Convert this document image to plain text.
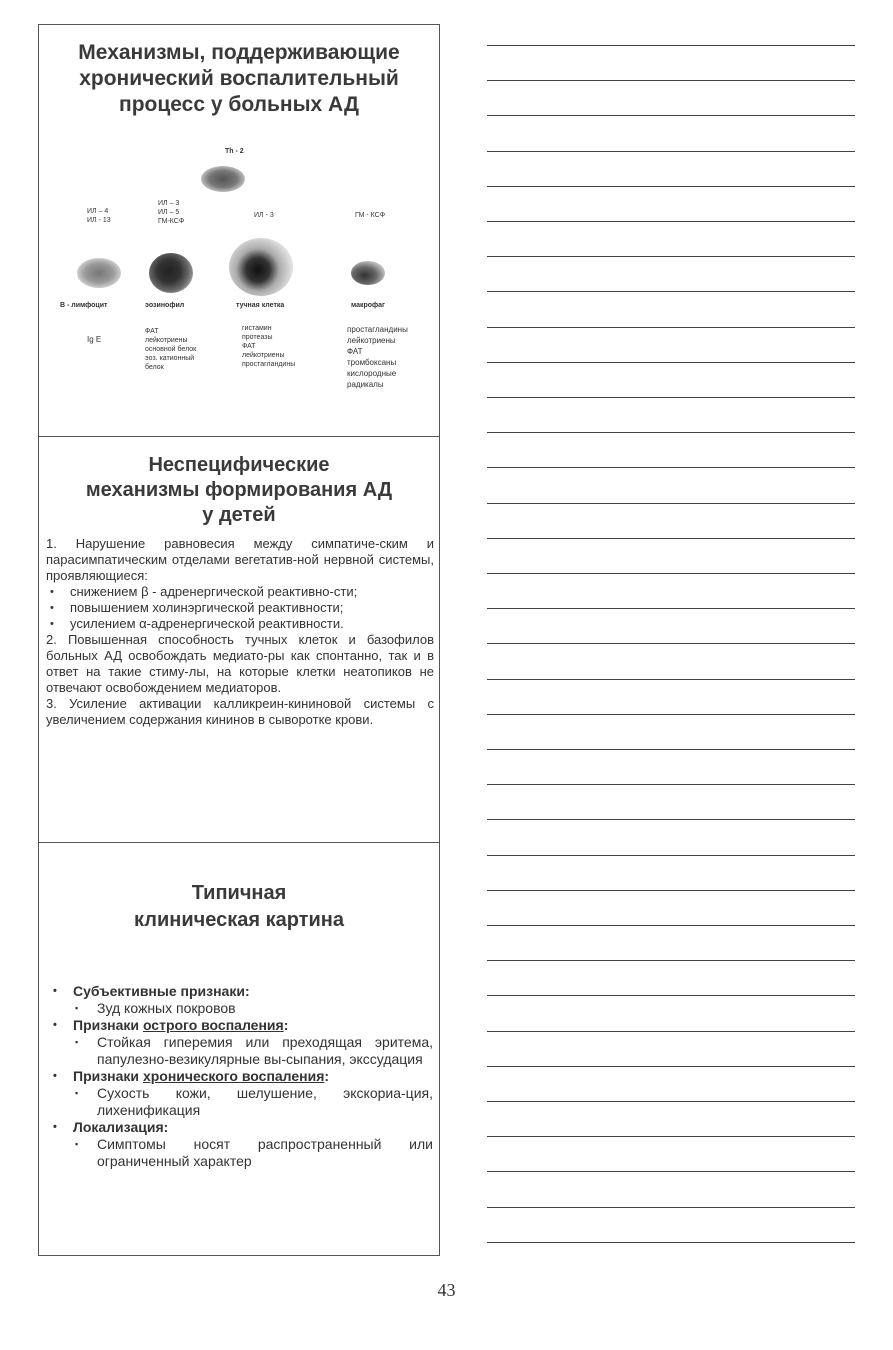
Механизмы, поддерживающие хронический воспалительный процесс у больных АД
Th - 2
ИЛ – 4
ИЛ - 13
ИЛ – 3
ИЛ – 5
ГМ-КСФ
ИЛ - 3	ГМ - КСФ
В - лимфоцит	эозинофил	тучная клетка	макрофаг
Ig E
ФАТ
лейкотриены
основной белок
эоз. катионный
белок
гистамин
протеазы
ФАТ
лейкотриены
простагландины
простагландины
лейкотриены
ФАТ
тромбоксаны
кислородные
радикалы
Неспецифические
механизмы формирования АД
у детей

1. Нарушение равновесия между симпатиче-ским и парасимпатическим отделами вегетатив-ной нервной системы, проявляющиеся:

• снижением β - адренергической реактивно-сти;
• повышением холинэргической реактивности;
• усилением α-адренергической реактивности.

2. Повышенная способность тучных клеток и базофилов больных АД освобождать медиато-ры как спонтанно, так и в ответ на такие стиму-лы, на которые клетки неатопиков не отвечают освобождением медиаторов.

3. Усиление активации калликреин-кининовой системы с увеличением содержания кининов в сыворотке крови.

Типичная
клиническая картина
• Субъективные признаки:
▪ Зуд кожных покровов
• Признаки острого воспаления:
▪ Стойкая гиперемия или преходящая эритема, папулезно-везикулярные вы-сыпания, экссудация
• Признаки хронического воспаления:
▪ Сухость кожи, шелушение, экскориа-ция, лихенификация
• Локализация:
▪ Симптомы носят распространенный или ограниченный характер
43
